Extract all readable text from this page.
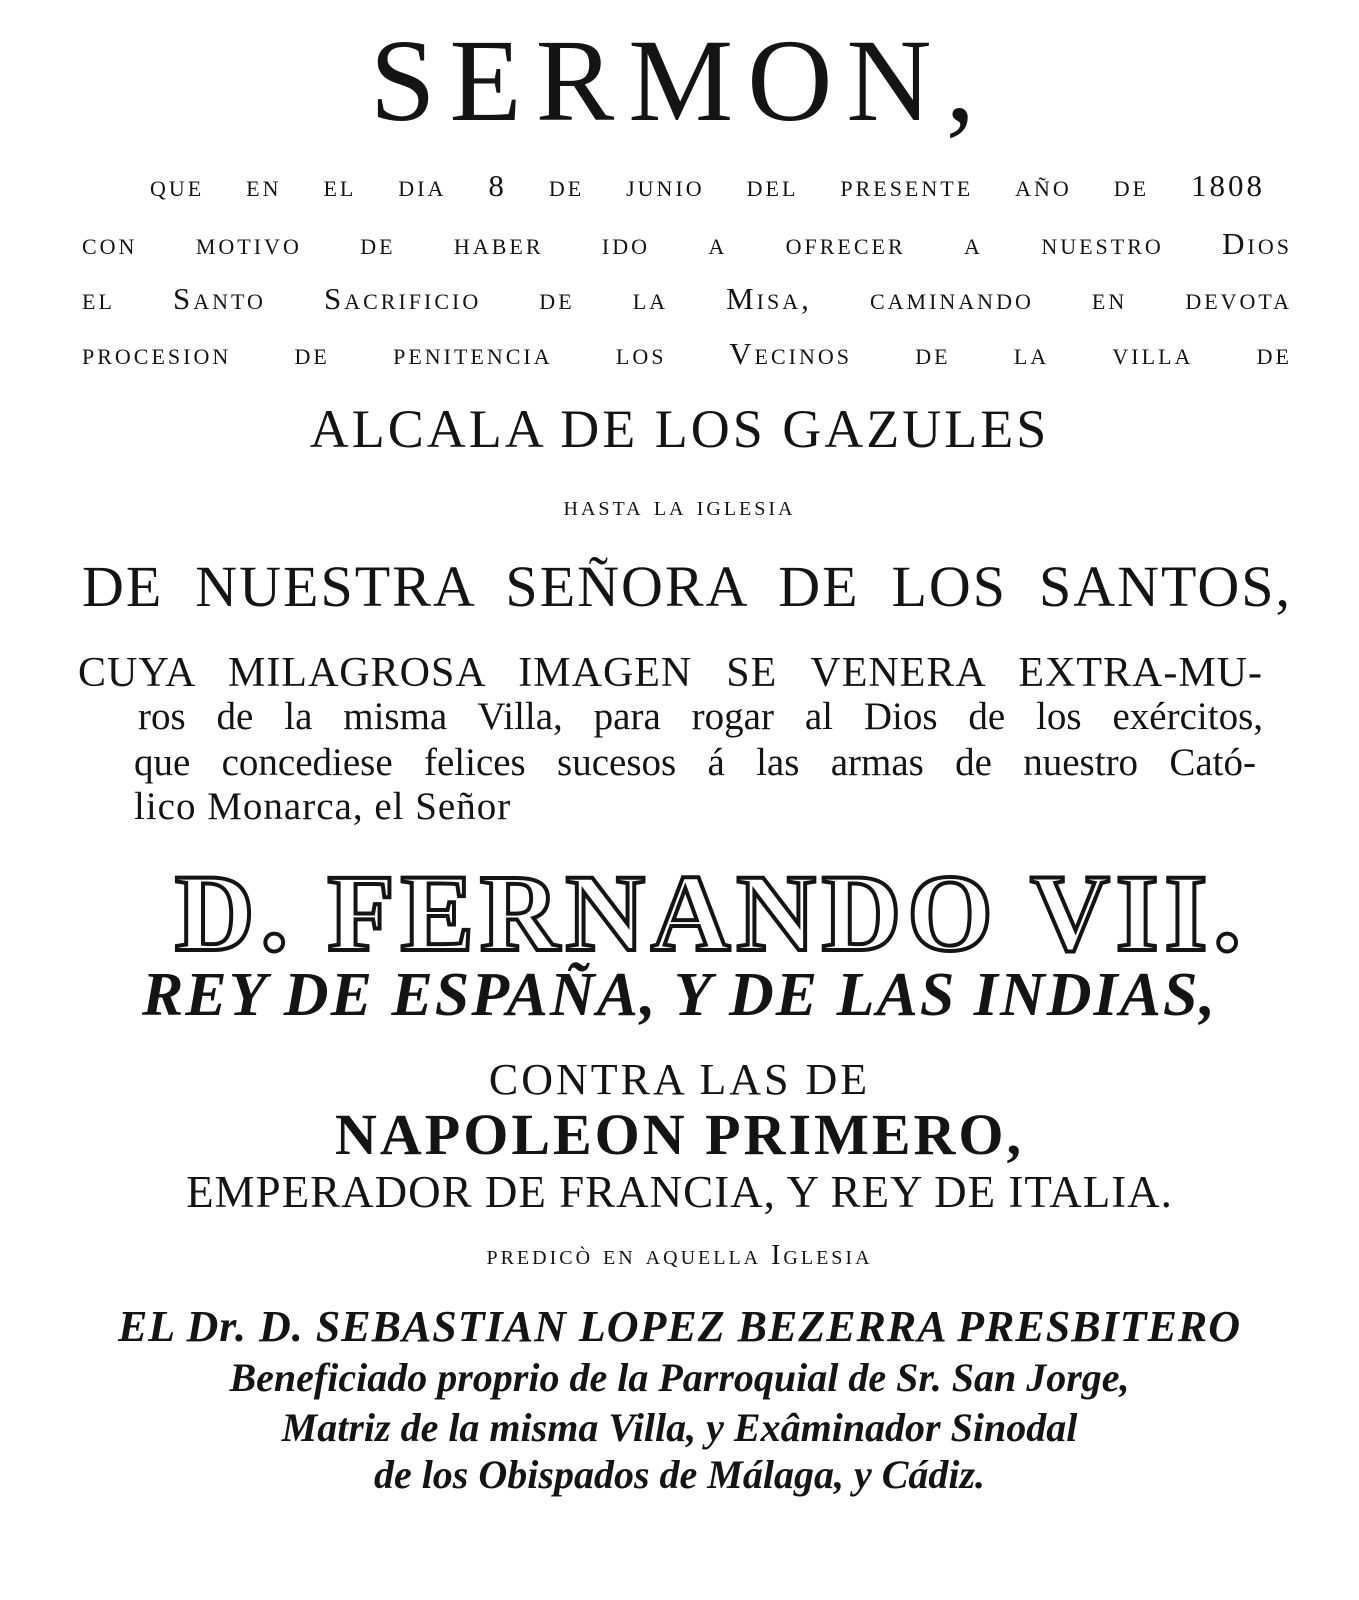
SERMON,
que en el dia 8 de junio del presente año de 1808
con motivo de haber ido a ofrecer a nuestro Dios
el Santo Sacrificio de la Misa, caminando en devota
procesion de penitencia los Vecinos de la villa de
ALCALA DE LOS GAZULES
hasta la iglesia
DE NUESTRA SEÑORA DE LOS SANTOS,
CUYA MILAGROSA IMAGEN SE VENERA EXTRA-MU-
ros de la misma Villa, para rogar al Dios de los exércitos,
que concediese felices sucesos á las armas de nuestro Cató-
lico Monarca, el Señor
D. FERNANDO VII.
REY DE ESPAÑA, Y DE LAS INDIAS,
CONTRA LAS DE
NAPOLEON PRIMERO,
EMPERADOR DE FRANCIA, Y REY DE ITALIA.
predicò en aquella Iglesia
EL Dr. D. SEBASTIAN LOPEZ BEZERRA PRESBITERO
Beneficiado proprio de la Parroquial de Sr. San Jorge,
Matriz de la misma Villa, y Exâminador Sinodal
de los Obispados de Málaga, y Cádiz.
